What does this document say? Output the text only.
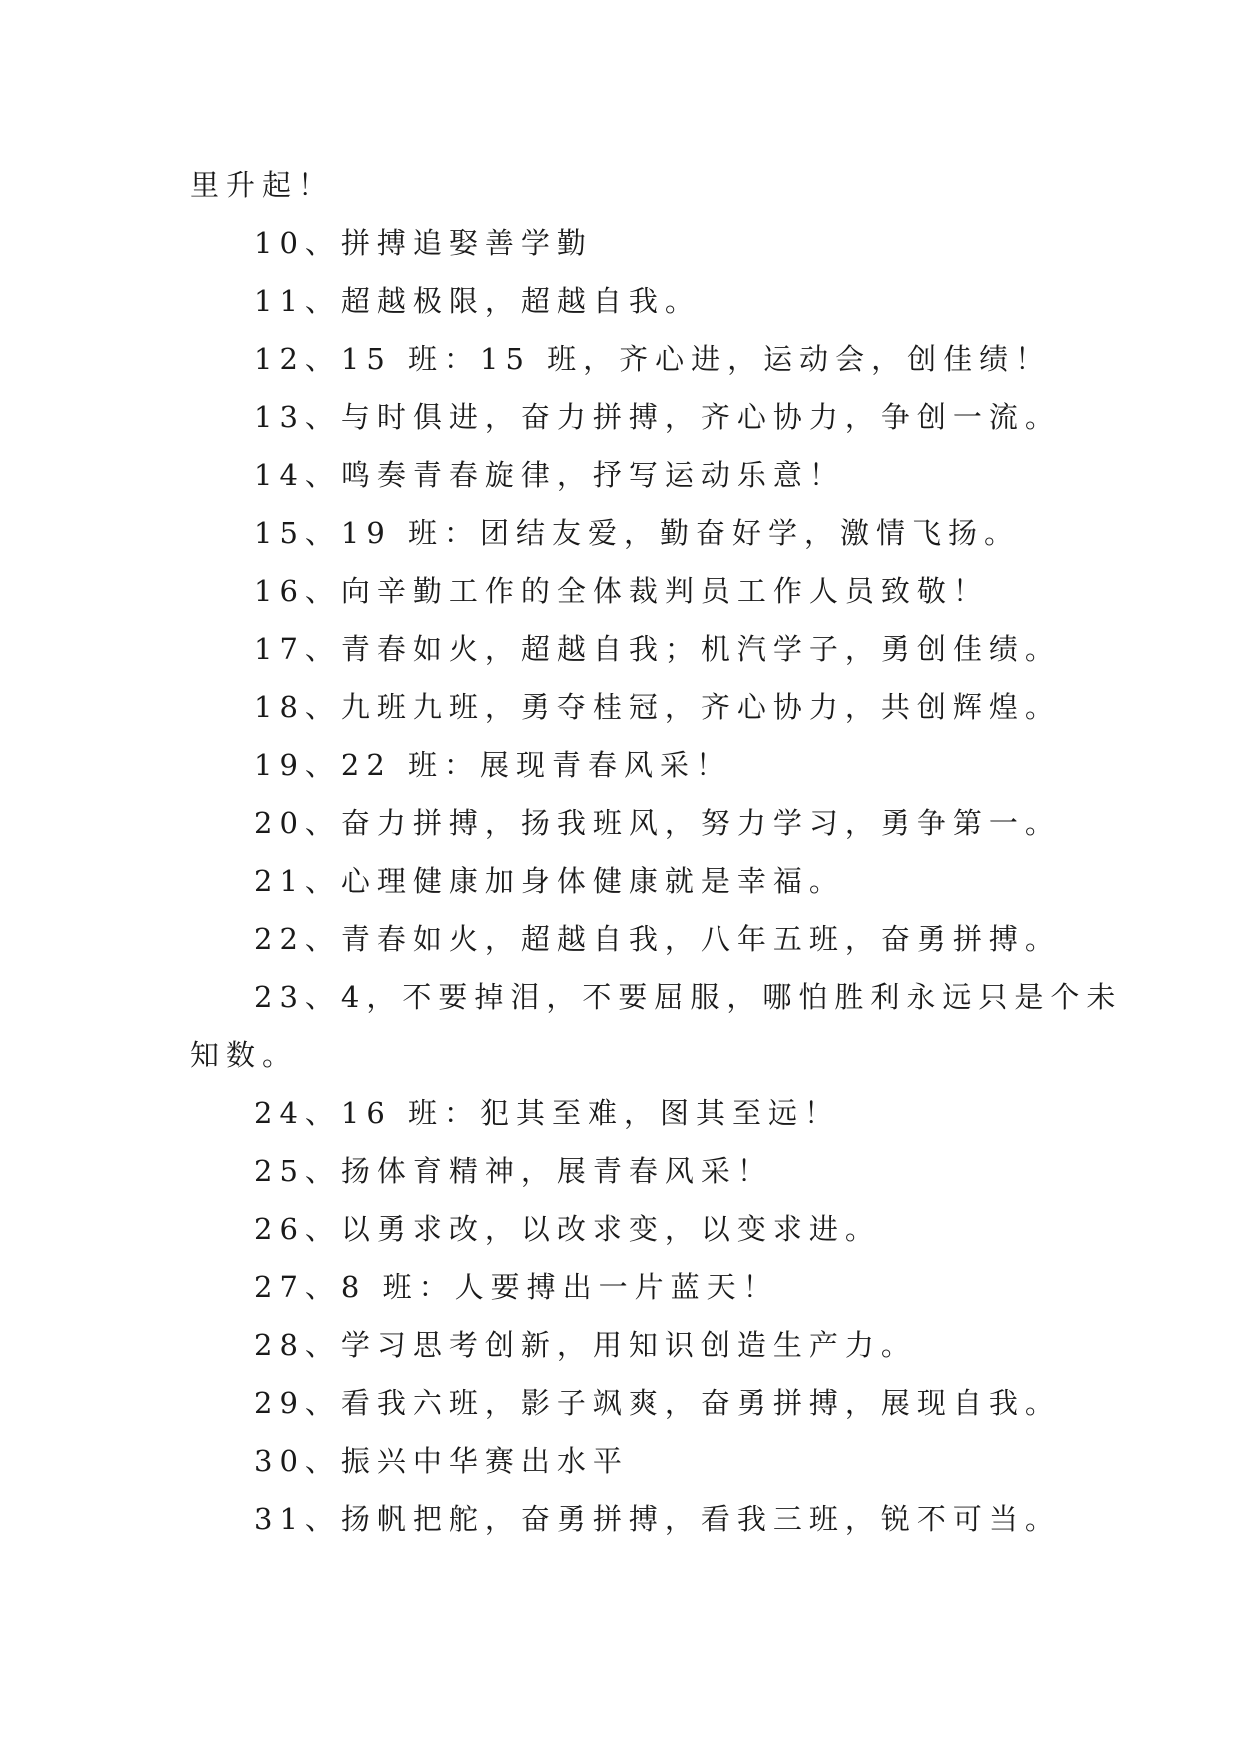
里升起！

10、拼搏追娶善学勤

11、超越极限，超越自我。

12、15 班：15 班，齐心进，运动会，创佳绩！

13、与时俱进，奋力拼搏，齐心协力，争创一流。

14、鸣奏青春旋律，抒写运动乐意！

15、19 班：团结友爱，勤奋好学，激情飞扬。

16、向辛勤工作的全体裁判员工作人员致敬！

17、青春如火，超越自我；机汽学子，勇创佳绩。

18、九班九班，勇夺桂冠，齐心协力，共创辉煌。

19、22 班：展现青春风采！

20、奋力拼搏，扬我班风，努力学习，勇争第一。

21、心理健康加身体健康就是幸福。

22、青春如火，超越自我，八年五班，奋勇拼搏。

23、4，不要掉泪，不要屈服，哪怕胜利永远只是个未

知数。

24、16 班：犯其至难，图其至远！

25、扬体育精神，展青春风采！

26、以勇求改，以改求变，以变求进。

27、8 班：人要搏出一片蓝天！

28、学习思考创新，用知识创造生产力。

29、看我六班，影子飒爽，奋勇拼搏，展现自我。

30、振兴中华赛出水平

31、扬帆把舵，奋勇拼搏，看我三班，锐不可当。
